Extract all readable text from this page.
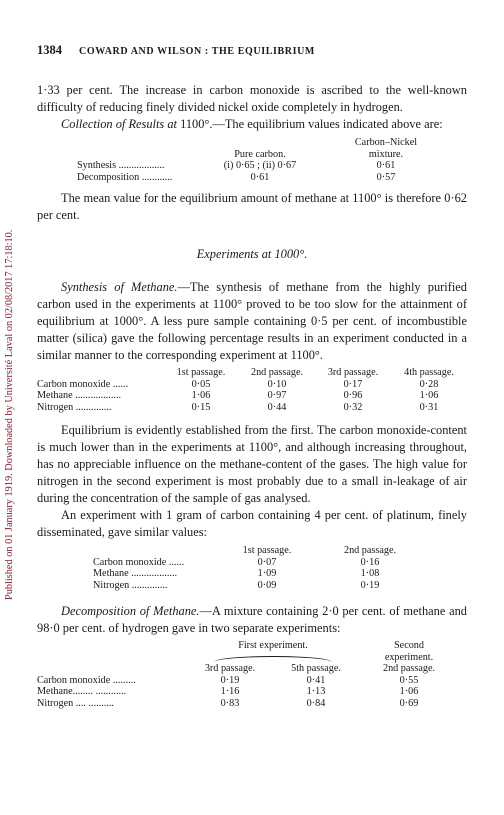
Published on 01 January 1919. Downloaded by Université Laval on 02/08/2017 17:18:10.
1384 COWARD AND WILSON : THE EQUILIBRIUM

1·33 per cent. The increase in carbon monoxide is ascribed to the well-known difficulty of reducing finely divided nickel oxide completely in hydrogen.

Collection of Results at 1100°.—The equilibrium values indicated above are:

		Carbon–Nickel
	Pure carbon.	mixture.
Synthesis ..................	(i) 0·65 ; (ii) 0·67	0·61
Decomposition ............	0·61	0·57

The mean value for the equilibrium amount of methane at 1100° is therefore 0·62 per cent.

Experiments at 1000°.

Synthesis of Methane.—The synthesis of methane from the highly purified carbon used in the experiments at 1100° proved to be too slow for the attainment of equilibrium at 1000°. A less pure sample containing 0·5 per cent. of incombustible matter (silica) gave the following percentage results in an experiment conducted in a similar manner to the corresponding experiment at 1100°.

	1st passage.	2nd passage.	3rd passage.	4th passage.
Carbon monoxide ......	0·05	0·10	0·17	0·28
Methane ..................	1·06	0·97	0·96	1·06
Nitrogen ..............	0·15	0·44	0·32	0·31

Equilibrium is evidently established from the first. The carbon monoxide-content is much lower than in the experiments at 1100°, and although increasing throughout, has no appreciable influence on the methane-content of the gases. The high value for nitrogen in the second experiment is most probably due to a small in-leakage of air during the concentration of the sample of gas analysed.

An experiment with 1 gram of carbon containing 4 per cent. of platinum, finely disseminated, gave similar values:

	1st passage.	2nd passage.
Carbon monoxide ......	0·07	0·16
Methane ..................	1·09	1·08
Nitrogen ..............	0·09	0·19

Decomposition of Methane.—A mixture containing 2·0 per cent. of methane and 98·0 per cent. of hydrogen gave in two separate experiments:

	First experiment.		Second
			experiment.
	3rd passage.	5th passage.	2nd passage.
Carbon monoxide .........	0·19	0·41	0·55
Methane........ ............	1·16	1·13	1·06
Nitrogen .... ..........	0·83	0·84	0·69
